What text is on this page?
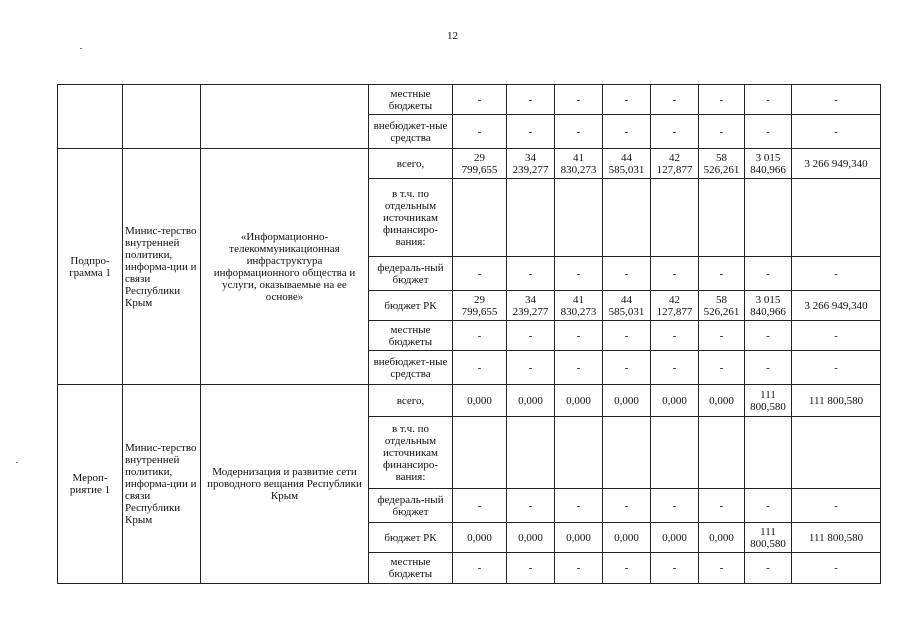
12
			местные бюджеты	-	-	-	-	-	-	-	-
			внебюджет-ные средства	-	-	-	-	-	-	-	-
Подпро-грамма 1	Минис-терство внутренней политики, информа-ции и связи Республики Крым	«Информационно-телекоммуникационная инфраструктура информационного общества и услуги, оказываемые на ее основе»	всего,	29 799,655	34 239,277	41 830,273	44 585,031	42 127,877	58 526,261	3 015 840,966	3 266 949,340
			в т.ч. по отдельным источникам финансиро-вания:								
			федераль-ный бюджет	-	-	-	-	-	-	-	-
			бюджет РК	29 799,655	34 239,277	41 830,273	44 585,031	42 127,877	58 526,261	3 015 840,966	3 266 949,340
			местные бюджеты	-	-	-	-	-	-	-	-
			внебюджет-ные средства	-	-	-	-	-	-	-	-
Мероп-риятие 1	Минис-терство внутренней политики, информа-ции и связи Республики Крым	Модернизация и развитие сети проводного вещания Республики Крым	всего,	0,000	0,000	0,000	0,000	0,000	0,000	111 800,580	111 800,580
			в т.ч. по отдельным источникам финансиро-вания:								
			федераль-ный бюджет	-	-	-	-	-	-	-	-
			бюджет РК	0,000	0,000	0,000	0,000	0,000	0,000	111 800,580	111 800,580
			местные бюджеты	-	-	-	-	-	-	-	-
